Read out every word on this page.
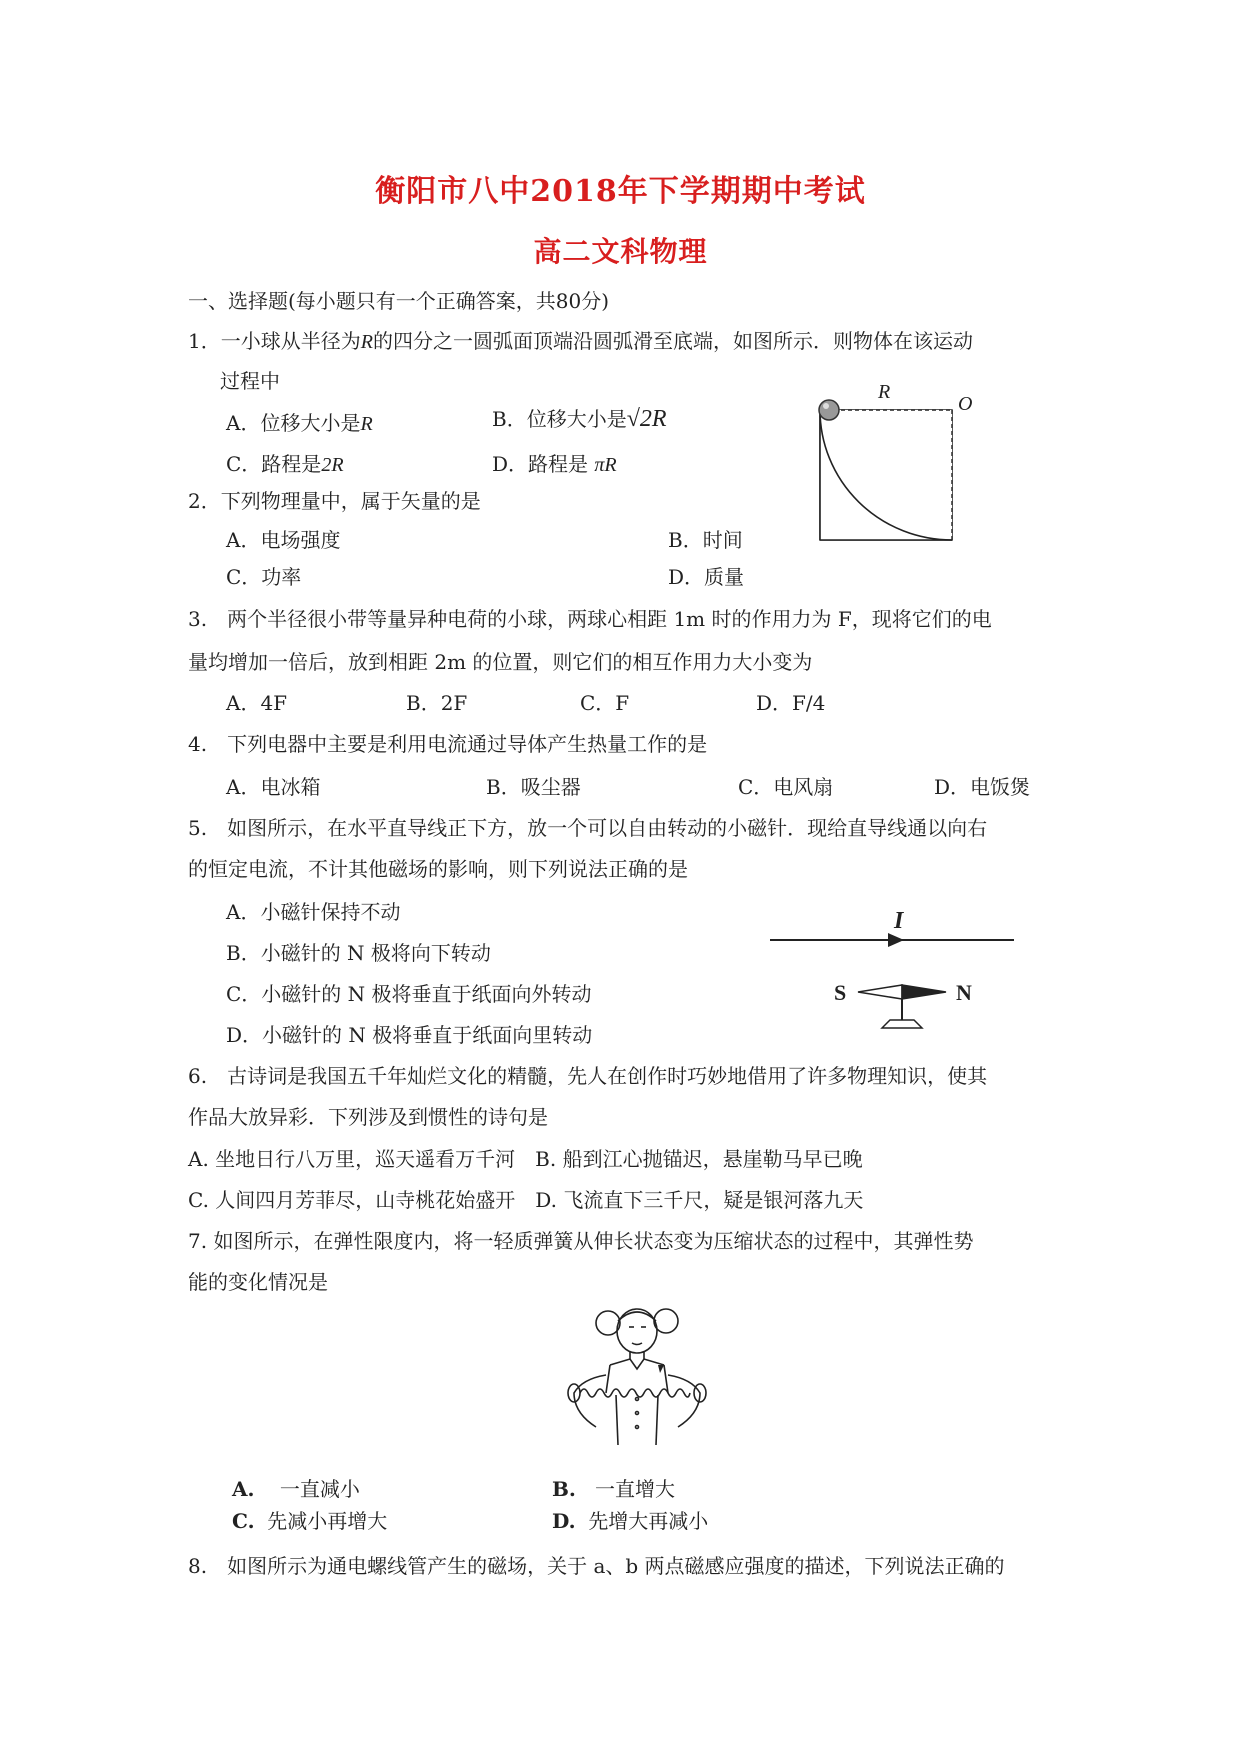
衡阳市八中2018年下学期期中考试
高二文科物理
一、选择题(每小题只有一个正确答案，共80分)
1．一小球从半径为R的四分之一圆弧面顶端沿圆弧滑至底端，如图所示．则物体在该运动
过程中
A．位移大小是R	B．位移大小是√2R
C．路程是2R	D．路程是 πR
R
O
2．下列物理量中，属于矢量的是
A．电场强度	B．时间
C．功率	D．质量
3.　两个半径很小带等量异种电荷的小球，两球心相距 1m 时的作用力为 F，现将它们的电
量均增加一倍后，放到相距 2m 的位置，则它们的相互作用力大小变为
A．4F	B．2F	C．F	D．F/4
4.　下列电器中主要是利用电流通过导体产生热量工作的是
A．电冰箱	B．吸尘器	C．电风扇	D．电饭煲
5.　如图所示，在水平直导线正下方，放一个可以自由转动的小磁针．现给直导线通以向右
的恒定电流，不计其他磁场的影响，则下列说法正确的是
A．小磁针保持不动
B．小磁针的 N 极将向下转动
C．小磁针的 N 极将垂直于纸面向外转动
D．小磁针的 N 极将垂直于纸面向里转动
I
S	N
6.　古诗词是我国五千年灿烂文化的精髓，先人在创作时巧妙地借用了许多物理知识，使其
作品大放异彩．下列涉及到惯性的诗句是
A. 坐地日行八万里，巡天遥看万千河　B. 船到江心抛锚迟，悬崖勒马早已晚
C. 人间四月芳菲尽，山寺桃花始盛开　D. 飞流直下三千尺，疑是银河落九天
7. 如图所示，在弹性限度内，将一轻质弹簧从伸长状态变为压缩状态的过程中，其弹性势
能的变化情况是
A. 一直减小	B. 一直增大
C. 先减小再增大	D. 先增大再减小
8.　如图所示为通电螺线管产生的磁场，关于 a、b 两点磁感应强度的描述，下列说法正确的
